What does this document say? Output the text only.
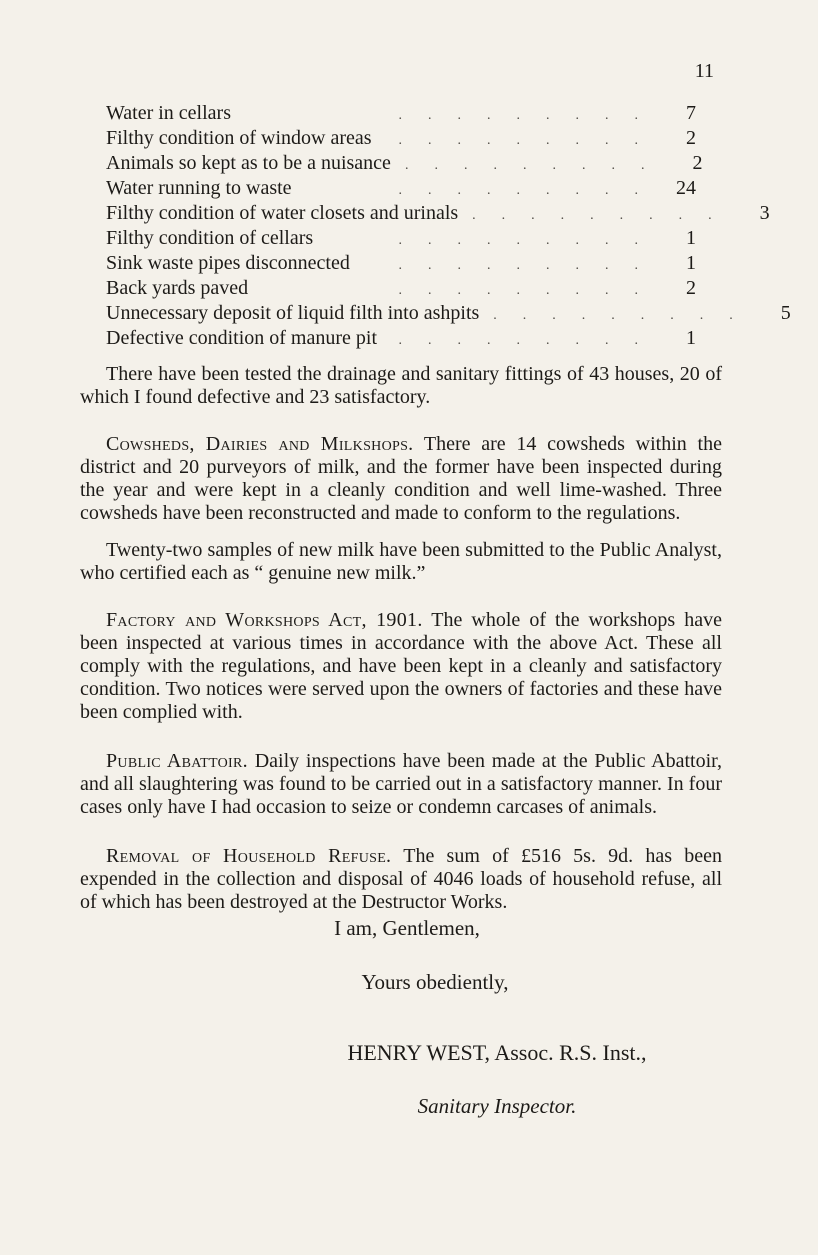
11
Water in cellars	.........	7
Filthy condition of window areas	.........	2
Animals so kept as to be a nuisance	.........	2
Water running to waste	......... 24
Filthy condition of water closets and urinals	.........	3
Filthy condition of cellars	.........	1
Sink waste pipes disconnected	.........	1
Back yards paved	.........	2
Unnecessary deposit of liquid filth into ashpits	.........	5
Defective condition of manure pit	.........	1

There have been tested the drainage and sanitary fittings of 43 houses, 20 of which I found defective and 23 satisfactory.

Cowsheds, Dairies and Milkshops. There are 14 cowsheds within the district and 20 purveyors of milk, and the former have been inspected during the year and were kept in a cleanly condition and well lime-washed. Three cowsheds have been reconstructed and made to conform to the regulations.

Twenty-two samples of new milk have been submitted to the Public Analyst, who certified each as “ genuine new milk.”

Factory and Workshops Act, 1901. The whole of the workshops have been inspected at various times in accordance with the above Act. These all comply with the regulations, and have been kept in a cleanly and satisfactory condition. Two notices were served upon the owners of factories and these have been complied with.

Public Abattoir. Daily inspections have been made at the Public Abattoir, and all slaughtering was found to be carried out in a satisfactory manner. In four cases only have I had occasion to seize or condemn carcases of animals.

Removal of Household Refuse. The sum of £516 5s. 9d. has been expended in the collection and disposal of 4046 loads of household refuse, all of which has been destroyed at the Destructor Works.

I am, Gentlemen,
Yours obediently,
HENRY WEST, Assoc. R.S. Inst.,
Sanitary Inspector.
